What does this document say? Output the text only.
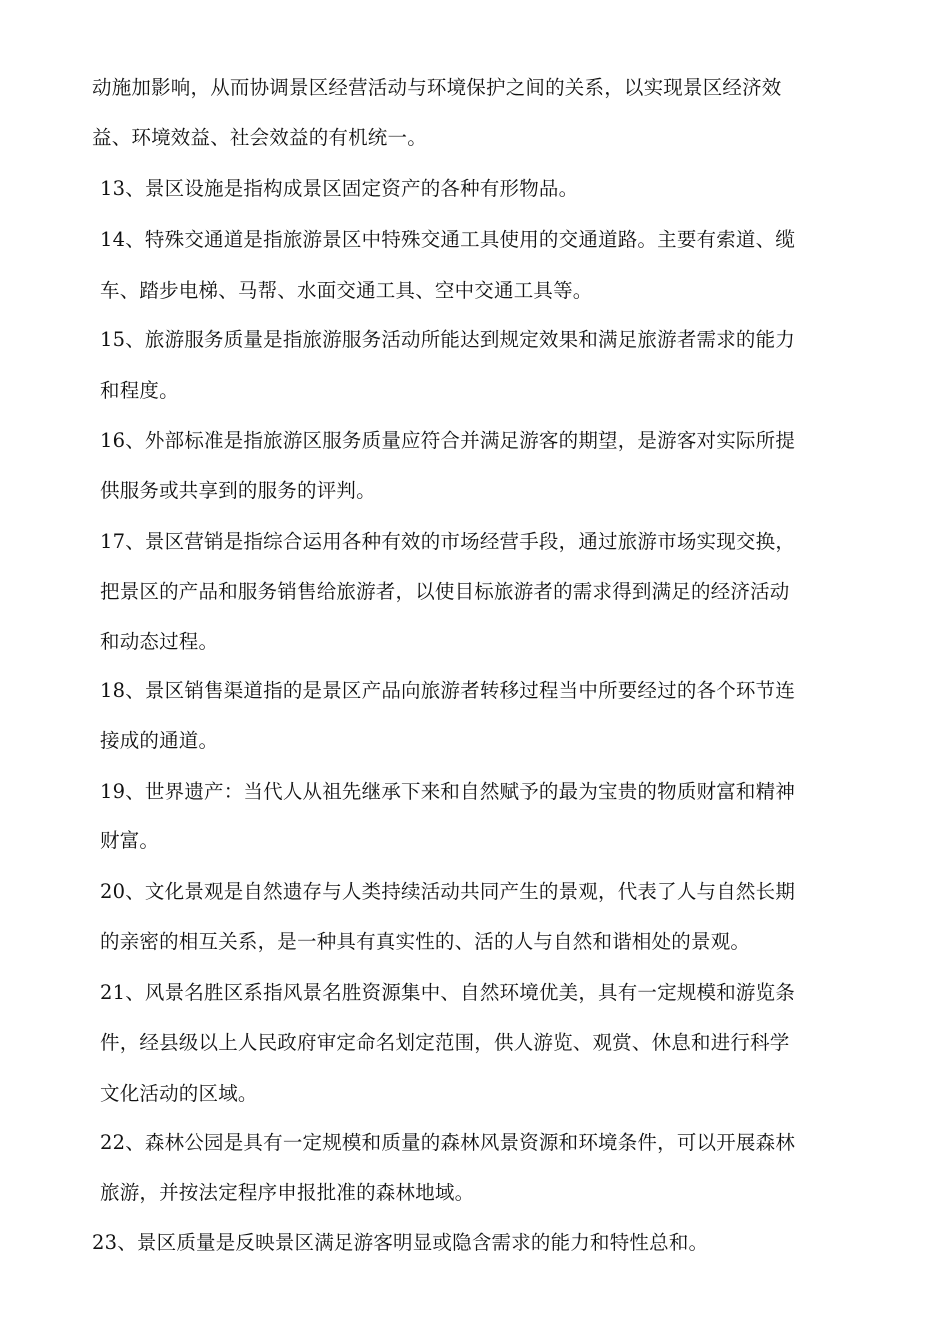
动施加影响，从而协调景区经营活动与环境保护之间的关系，以实现景区经济效
益、环境效益、社会效益的有机统一。
13、景区设施是指构成景区固定资产的各种有形物品。
14、特殊交通道是指旅游景区中特殊交通工具使用的交通道路。主要有索道、缆
车、踏步电梯、马帮、水面交通工具、空中交通工具等。
15、旅游服务质量是指旅游服务活动所能达到规定效果和满足旅游者需求的能力
和程度。
16、外部标准是指旅游区服务质量应符合并满足游客的期望，是游客对实际所提
供服务或共享到的服务的评判。
17、景区营销是指综合运用各种有效的市场经营手段，通过旅游市场实现交换，
把景区的产品和服务销售给旅游者，以使目标旅游者的需求得到满足的经济活动
和动态过程。
18、景区销售渠道指的是景区产品向旅游者转移过程当中所要经过的各个环节连
接成的通道。
19、世界遗产：当代人从祖先继承下来和自然赋予的最为宝贵的物质财富和精神
财富。
20、文化景观是自然遗存与人类持续活动共同产生的景观，代表了人与自然长期
的亲密的相互关系，是一种具有真实性的、活的人与自然和谐相处的景观。
21、风景名胜区系指风景名胜资源集中、自然环境优美，具有一定规模和游览条
件，经县级以上人民政府审定命名划定范围，供人游览、观赏、休息和进行科学
文化活动的区域。
22、森林公园是具有一定规模和质量的森林风景资源和环境条件，可以开展森林
旅游，并按法定程序申报批准的森林地域。
23、景区质量是反映景区满足游客明显或隐含需求的能力和特性总和。
